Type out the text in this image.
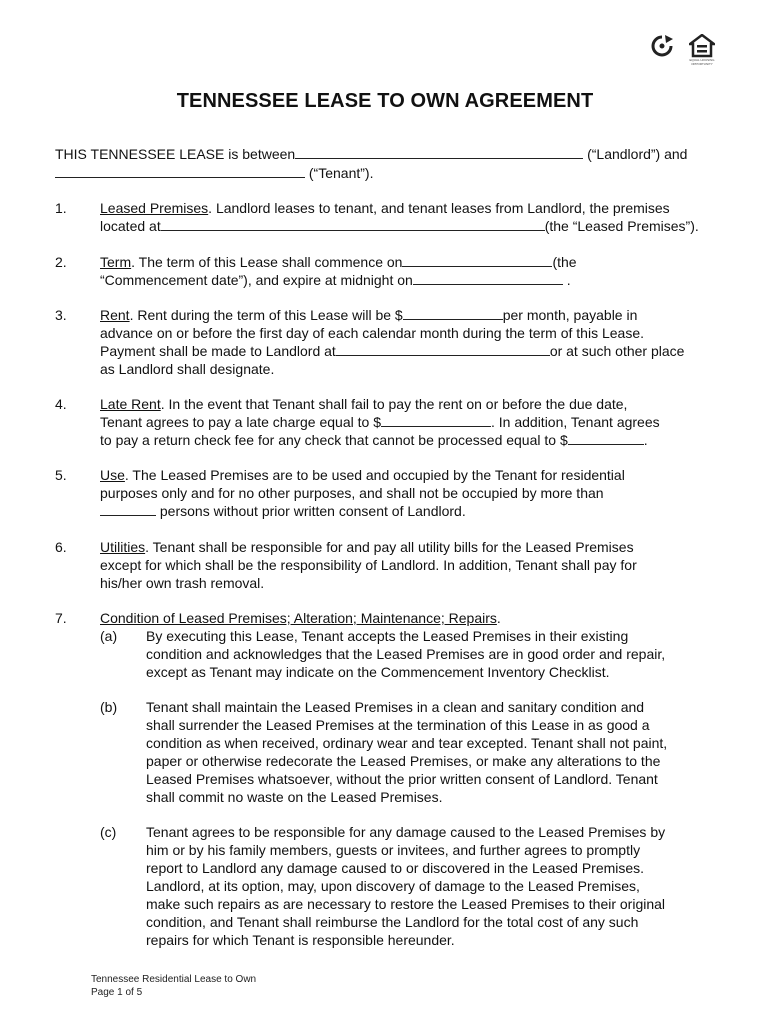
EQUAL HOUSING OPPORTUNITY
TENNESSEE LEASE TO OWN AGREEMENT
THIS TENNESSEE LEASE is between	(“Landlord”) and
(“Tenant”).
1. Leased Premises. Landlord leases to tenant, and tenant leases from Landlord, the premises
located at	(the “Leased Premises”).
2. Term. The term of this Lease shall commence on	(the
“Commencement date”), and expire at midnight on	.
3. Rent. Rent during the term of this Lease will be $	per month, payable in
advance on or before the first day of each calendar month during the term of this Lease.
Payment shall be made to Landlord at	or at such other place
as Landlord shall designate.
4. Late Rent. In the event that Tenant shall fail to pay the rent on or before the due date,
Tenant agrees to pay a late charge equal to $	. In addition, Tenant agrees
to pay a return check fee for any check that cannot be processed equal to $	.
5. Use. The Leased Premises are to be used and occupied by the Tenant for residential
purposes only and for no other purposes, and shall not be occupied by more than
persons without prior written consent of Landlord.
6. Utilities. Tenant shall be responsible for and pay all utility bills for the Leased Premises
except for which shall be the responsibility of Landlord. In addition, Tenant shall pay for
his/her own trash removal.
7. Condition of Leased Premises; Alteration; Maintenance; Repairs.
(a) By executing this Lease, Tenant accepts the Leased Premises in their existing
condition and acknowledges that the Leased Premises are in good order and repair,
except as Tenant may indicate on the Commencement Inventory Checklist.
(b) Tenant shall maintain the Leased Premises in a clean and sanitary condition and
shall surrender the Leased Premises at the termination of this Lease in as good a
condition as when received, ordinary wear and tear excepted. Tenant shall not paint,
paper or otherwise redecorate the Leased Premises, or make any alterations to the
Leased Premises whatsoever, without the prior written consent of Landlord. Tenant
shall commit no waste on the Leased Premises.
(c) Tenant agrees to be responsible for any damage caused to the Leased Premises by
him or by his family members, guests or invitees, and further agrees to promptly
report to Landlord any damage caused to or discovered in the Leased Premises.
Landlord, at its option, may, upon discovery of damage to the Leased Premises,
make such repairs as are necessary to restore the Leased Premises to their original
condition, and Tenant shall reimburse the Landlord for the total cost of any such
repairs for which Tenant is responsible hereunder.
Tennessee Residential Lease to Own
Page 1 of 5
